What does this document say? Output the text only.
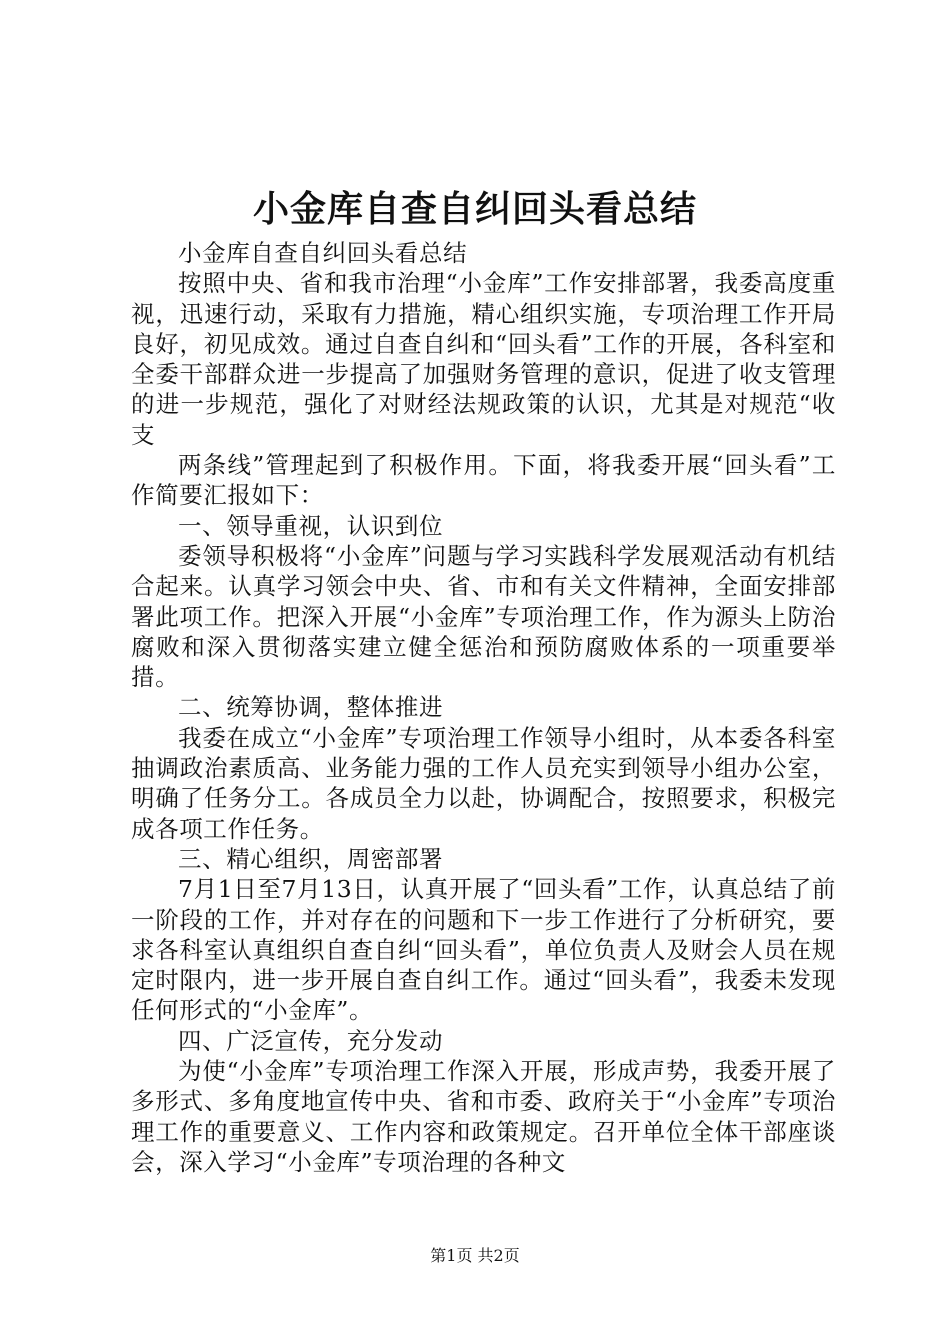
小金库自查自纠回头看总结

小金库自查自纠回头看总结

按照中央、省和我市治理“小金库”工作安排部署，我委高度重视，迅速行动，采取有力措施，精心组织实施，专项治理工作开局良好，初见成效。通过自查自纠和“回头看”工作的开展，各科室和全委干部群众进一步提高了加强财务管理的意识，促进了收支管理的进一步规范，强化了对财经法规政策的认识，尤其是对规范“收支

两条线”管理起到了积极作用。下面，将我委开展“回头看”工作简要汇报如下：

一、领导重视，认识到位

委领导积极将“小金库”问题与学习实践科学发展观活动有机结合起来。认真学习领会中央、省、市和有关文件精神，全面安排部署此项工作。把深入开展“小金库”专项治理工作，作为源头上防治腐败和深入贯彻落实建立健全惩治和预防腐败体系的一项重要举措。

二、统筹协调，整体推进

我委在成立“小金库”专项治理工作领导小组时，从本委各科室抽调政治素质高、业务能力强的工作人员充实到领导小组办公室，明确了任务分工。各成员全力以赴，协调配合，按照要求，积极完成各项工作任务。

三、精心组织，周密部署

7月1日至7月13日，认真开展了“回头看”工作，认真总结了前一阶段的工作，并对存在的问题和下一步工作进行了分析研究，要求各科室认真组织自查自纠“回头看”，单位负责人及财会人员在规定时限内，进一步开展自查自纠工作。通过“回头看”，我委未发现任何形式的“小金库”。

四、广泛宣传，充分发动

为使“小金库”专项治理工作深入开展，形成声势，我委开展了多形式、多角度地宣传中央、省和市委、政府关于“小金库”专项治理工作的重要意义、工作内容和政策规定。召开单位全体干部座谈会，深入学习“小金库”专项治理的各种文

第1页 共2页
